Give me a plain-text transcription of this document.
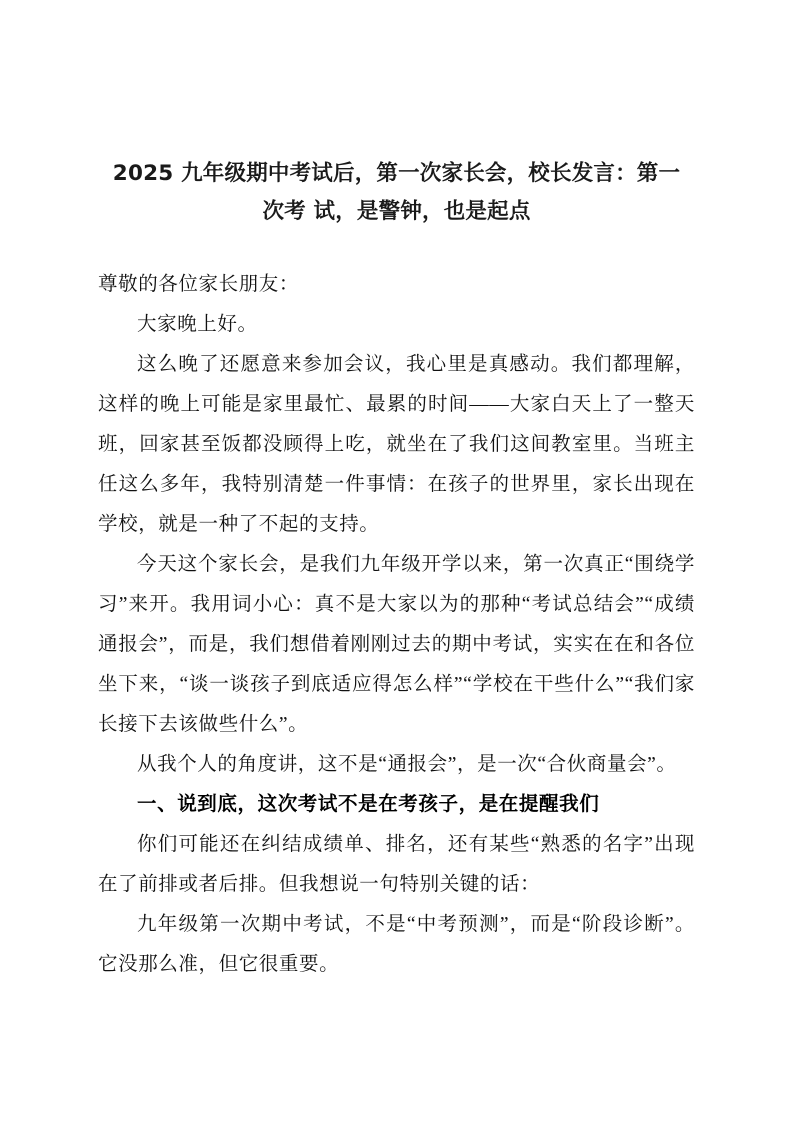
2025 九年级期中考试后，第一次家长会，校长发言：第一次考 试，是警钟，也是起点

尊敬的各位家长朋友：

大家晚上好。

这么晚了还愿意来参加会议，我心里是真感动。我们都理解，这样的晚上可能是家里最忙、最累的时间——大家白天上了一整天班，回家甚至饭都没顾得上吃，就坐在了我们这间教室里。当班主任这么多年，我特别清楚一件事情：在孩子的世界里，家长出现在学校，就是一种了不起的支持。

今天这个家长会，是我们九年级开学以来，第一次真正“围绕学习”来开。我用词小心：真不是大家以为的那种“考试总结会”“成绩通报会”，而是，我们想借着刚刚过去的期中考试，实实在在和各位坐下来，“谈一谈孩子到底适应得怎么样”“学校在干些什么”“我们家长接下去该做些什么”。

从我个人的角度讲，这不是“通报会”，是一次“合伙商量会”。

一、说到底，这次考试不是在考孩子，是在提醒我们

你们可能还在纠结成绩单、排名，还有某些“熟悉的名字”出现在了前排或者后排。但我想说一句特别关键的话：

九年级第一次期中考试，不是“中考预测”，而是“阶段诊断”。它没那么准，但它很重要。
